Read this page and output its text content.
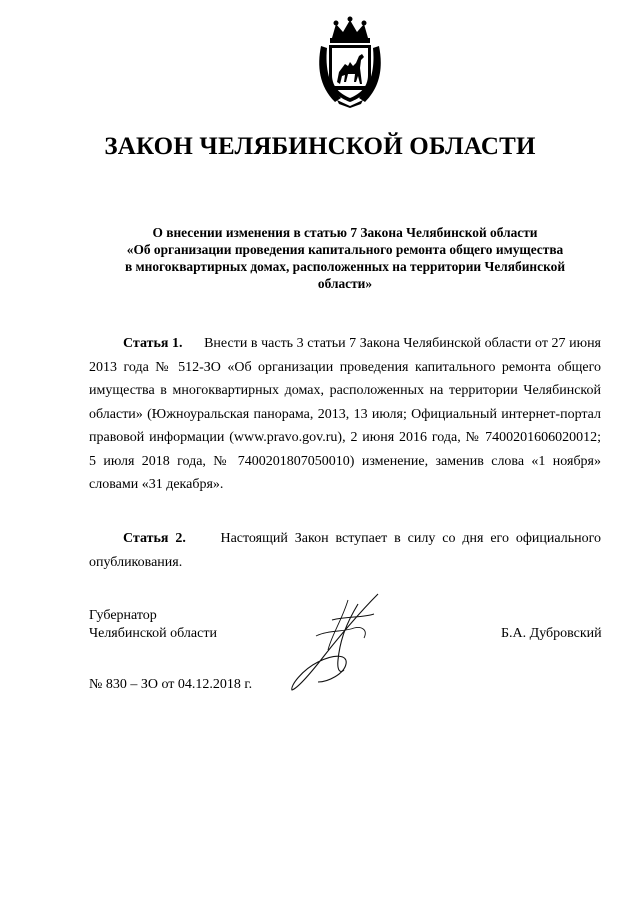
ЗАКОН ЧЕЛЯБИНСКОЙ ОБЛАСТИ
О внесении изменения в статью 7 Закона Челябинской области
«Об организации проведения капитального ремонта общего имущества
в многоквартирных домах, расположенных на территории Челябинской
области»
Статья 1. Внести в часть 3 статьи 7 Закона Челябинской области от 27 июня
2013 года № 512-ЗО «Об организации проведения капитального ремонта общего
имущества в многоквартирных домах, расположенных на территории Челябинской
области» (Южноуральская панорама, 2013, 13 июля; Официальный интернет-портал
правовой информации (www.pravo.gov.ru), 2 июня 2016 года, № 7400201606020012;
5 июля 2018 года, № 7400201807050010) изменение, заменив слова «1 ноября»
словами «31 декабря».
Статья 2. Настоящий Закон вступает в силу со дня его официального
опубликования.
Губернатор
Челябинской области	Б.А. Дубровский
№ 830 – ЗО от 04.12.2018 г.
